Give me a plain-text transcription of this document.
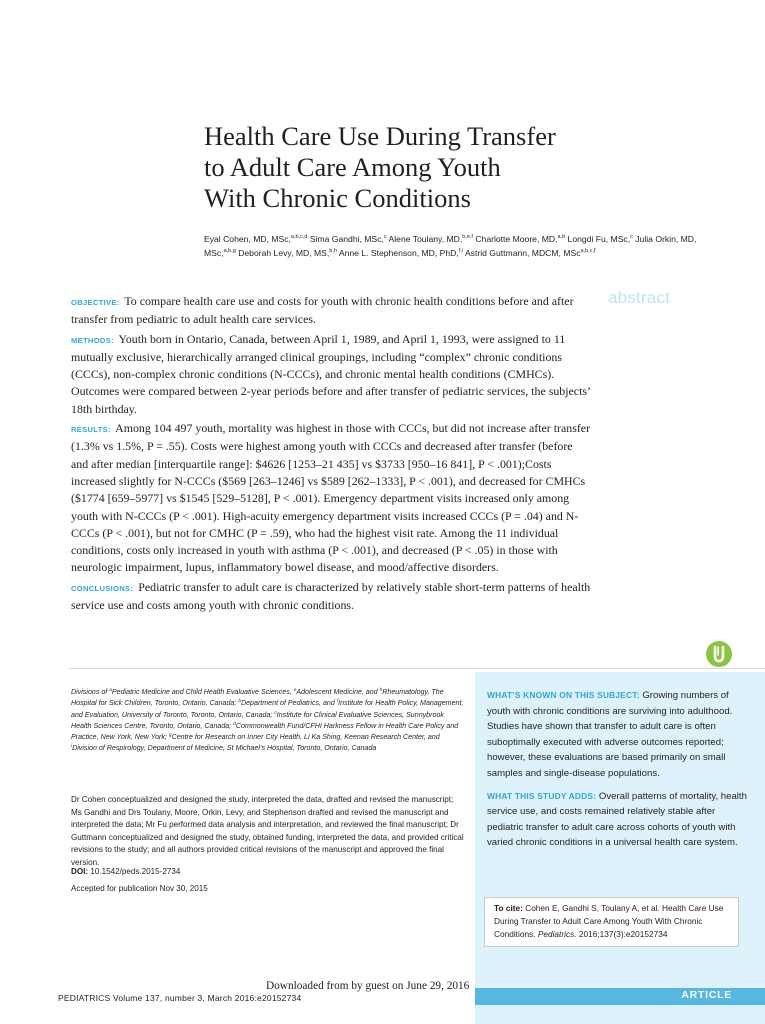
Health Care Use During Transfer
to Adult Care Among Youth
With Chronic Conditions
Eyal Cohen, MD, MSc,$^{a,b,c,d}$ Sima Gandhi, MSc,$^c$ Alene Toulany, MD,$^{b,e,f}$ Charlotte Moore, MD,$^{a,b}$ Longdi Fu, MSc,$^c$ Julia Orkin, MD, MSc,$^{a,b,g}$ Deborah Levy, MD, MS,$^{b,h}$ Anne L. Stephenson, MD, PhD,$^{f,i}$ Astrid Guttmann, MDCM, MSc$^{a,b,c,f}$
abstract

OBJECTIVE: To compare health care use and costs for youth with chronic health conditions before and after transfer from pediatric to adult health care services.

METHODS: Youth born in Ontario, Canada, between April 1, 1989, and April 1, 1993, were assigned to 11 mutually exclusive, hierarchically arranged clinical groupings, including “complex” chronic conditions (CCCs), non-complex chronic conditions (N-CCCs), and chronic mental health conditions (CMHCs). Outcomes were compared between 2-year periods before and after transfer of pediatric services, the subjects’ 18th birthday.

RESULTS: Among 104 497 youth, mortality was highest in those with CCCs, but did not increase after transfer (1.3% vs 1.5%, P = .55). Costs were highest among youth with CCCs and decreased after transfer (before and after median [interquartile range]: $4626 [1253–21 435] vs $3733 [950–16 841], P < .001);Costs increased slightly for N-CCCs ($569 [263–1246] vs $589 [262–1333], P < .001), and decreased for CMHCs ($1774 [659–5977] vs $1545 [529–5128], P < .001). Emergency department visits increased only among youth with N-CCCs (P < .001). High-acuity emergency department visits increased CCCs (P = .04) and N-CCCs (P < .001), but not for CMHC (P = .59), who had the highest visit rate. Among the 11 individual conditions, costs only increased in youth with asthma (P < .001), and decreased (P < .05) in those with neurologic impairment, lupus, inflammatory bowel disease, and mood/affective disorders.

CONCLUSIONS: Pediatric transfer to adult care is characterized by relatively stable short-term patterns of health service use and costs among youth with chronic conditions.

WHAT’S KNOWN ON THIS SUBJECT: Growing numbers of youth with chronic conditions are surviving into adulthood. Studies have shown that transfer to adult care is often suboptimally executed with adverse outcomes reported; however, these evaluations are based primarily on small samples and single-disease populations.

WHAT THIS STUDY ADDS: Overall patterns of mortality, health service use, and costs remained relatively stable after pediatric transfer to adult care across cohorts of youth with varied chronic conditions in a universal health care system.

To cite: Cohen E, Gandhi S, Toulany A, et al. Health Care Use During Transfer to Adult Care Among Youth With Chronic Conditions. Pediatrics. 2016;137(3):e20152734
ARTICLE
Divisions of $^a$Pediatric Medicine and Child Health Evaluative Sciences, $^e$Adolescent Medicine, and $^h$Rheumatology, The Hospital for Sick Children, Toronto, Ontario, Canada; $^b$Department of Pediatrics, and $^f$Institute for Health Policy, Management, and Evaluation, University of Toronto, Toronto, Ontario, Canada; $^c$Institute for Clinical Evaluative Sciences, Sunnybrook Health Sciences Centre, Toronto, Ontario, Canada; $^d$Commonwealth Fund/CFHI Harkness Fellow in Health Care Policy and Practice, New York, New York; $^g$Centre for Research on Inner City Health, Li Ka Shing, Keenan Research Center, and $^i$Division of Respirology, Department of Medicine, St Michael’s Hospital, Toronto, Ontario, Canada
Dr Cohen conceptualized and designed the study, interpreted the data, drafted and revised the manuscript; Ms Gandhi and Drs Toulany, Moore, Orkin, Levy, and Stephenson drafted and revised the manuscript and interpreted the data; Mr Fu performed data analysis and interpretation, and reviewed the final manuscript; Dr Guttmann conceptualized and designed the study, obtained funding, interpreted the data, and provided critical revisions to the study; and all authors provided critical revisions of the manuscript and approved the final version.
DOI: 10.1542/peds.2015-2734
Accepted for publication Nov 30, 2015
Downloaded from by guest on June 29, 2016
PEDIATRICS Volume 137, number 3, March 2016:e20152734
